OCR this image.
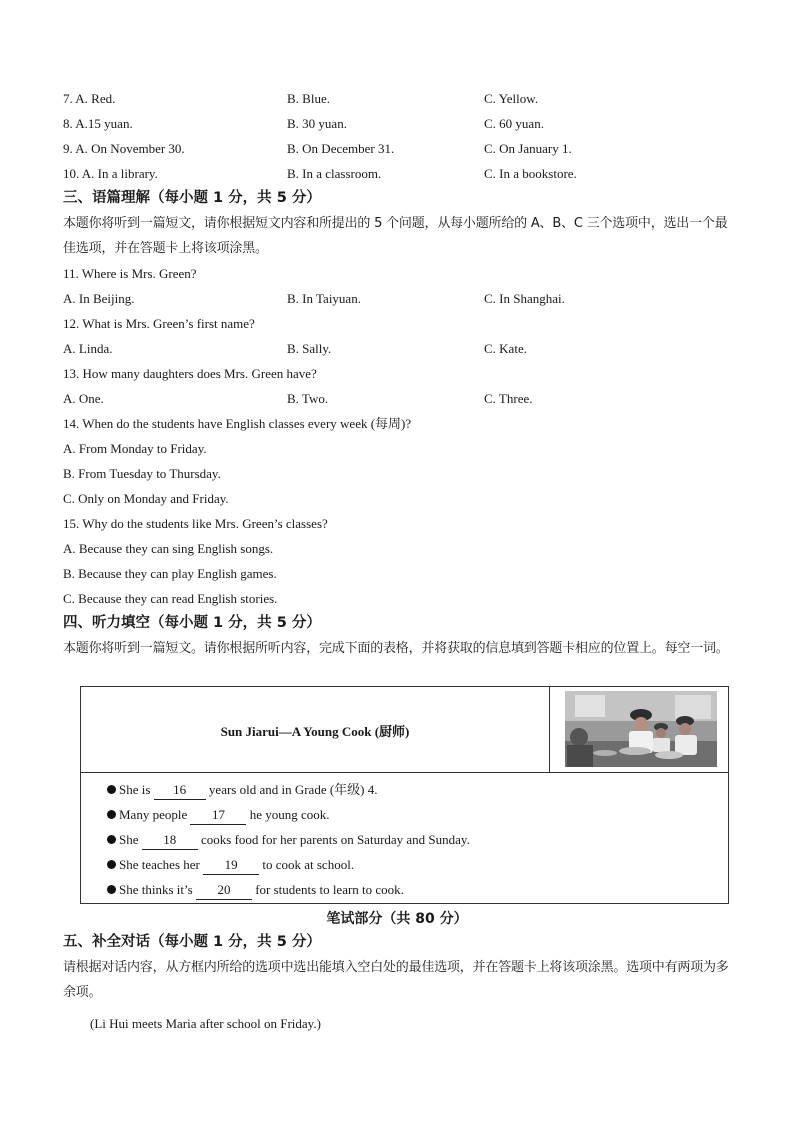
7. A. Red.	B. Blue.	C. Yellow.
8. A.15 yuan.	B. 30 yuan.	C. 60 yuan.
9. A. On November 30.	B. On December 31.	C. On January 1.
10. A. In a library.	B. In a classroom.	C. In a bookstore.
三、语篇理解（每小题 1 分，共 5 分）
本题你将听到一篇短文，请你根据短文内容和所提出的 5 个问题，从每小题所给的 A、B、C 三个选项中，选出一个最佳选项，并在答题卡上将该项涂黑。
11. Where is Mrs. Green?
A. In Beijing.	B. In Taiyuan.	C. In Shanghai.
12. What is Mrs. Green’s first name?
A. Linda.	B. Sally.	C. Kate.
13. How many daughters does Mrs. Green have?
A. One.	B. Two.	C. Three.
14. When do the students have English classes every week (每周)?
A. From Monday to Friday.
B. From Tuesday to Thursday.
C. Only on Monday and Friday.
15. Why do the students like Mrs. Green’s classes?
A. Because they can sing English songs.
B. Because they can play English games.
C. Because they can read English stories.
四、听力填空（每小题 1 分，共 5 分）
本题你将听到一篇短文。请你根据所听内容，完成下面的表格，并将获取的信息填到答题卡相应的位置上。每空一词。
Sun Jiarui—A Young Cook (厨师)
She is 16 years old and in Grade (年级) 4.
Many people 17 he young cook.
She 18 cooks food for her parents on Saturday and Sunday.
She teaches her 19 to cook at school.
She thinks it’s 20 for students to learn to cook.
笔试部分（共 80 分）
五、补全对话（每小题 1 分，共 5 分）
请根据对话内容，从方框内所给的选项中选出能填入空白处的最佳选项，并在答题卡上将该项涂黑。选项中有两项为多余项。
(Li Hui meets Maria after school on Friday.)
